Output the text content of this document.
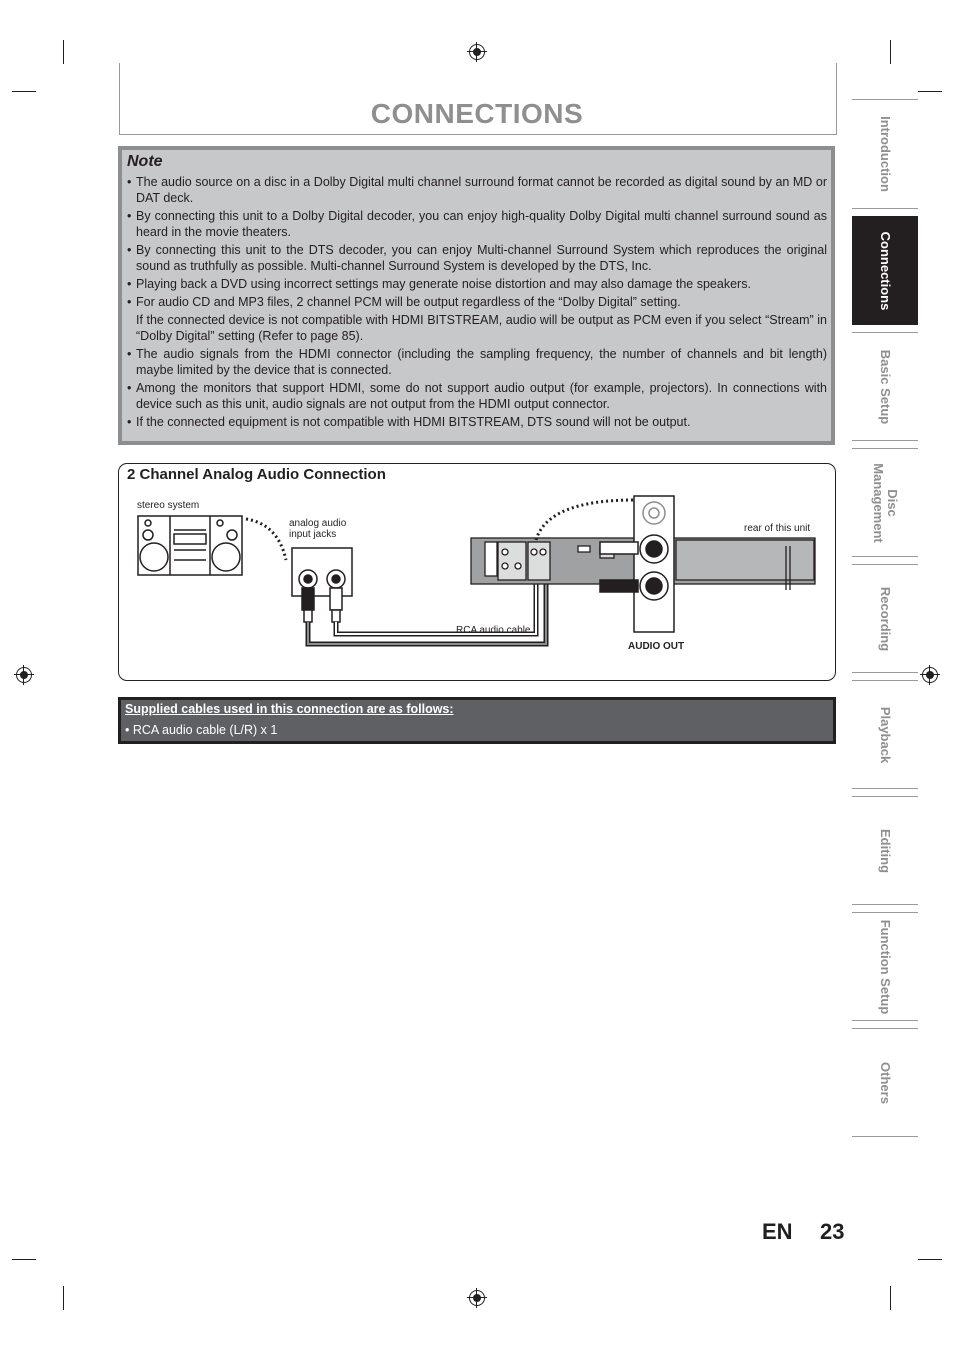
CONNECTIONS
Note
• The audio source on a disc in a Dolby Digital multi channel surround format cannot be recorded as digital sound by an MD or DAT deck.
• By connecting this unit to a Dolby Digital decoder, you can enjoy high-quality Dolby Digital multi channel surround sound as heard in the movie theaters.
• By connecting this unit to the DTS decoder, you can enjoy Multi-channel Surround System which reproduces the original sound as truthfully as possible. Multi-channel Surround System is developed by the DTS, Inc.
• Playing back a DVD using incorrect settings may generate noise distortion and may also damage the speakers.
• For audio CD and MP3 files, 2 channel PCM will be output regardless of the “Dolby Digital” setting.
If the connected device is not compatible with HDMI BITSTREAM, audio will be output as PCM even if you select “Stream” in “Dolby Digital” setting (Refer to page 85).
• The audio signals from the HDMI connector (including the sampling frequency, the number of channels and bit length) maybe limited by the device that is connected.
• Among the monitors that support HDMI, some do not support audio output (for example, projectors). In connections with device such as this unit, audio signals are not output from the HDMI output connector.
• If the connected equipment is not compatible with HDMI BITSTREAM, DTS sound will not be output.
2 Channel Analog Audio Connection
stereo system
analog audio
input jacks
rear of this unit
RCA audio cable
AUDIO OUT
Supplied cables used in this connection are as follows:
• RCA audio cable (L/R) x 1
Introduction
Connections
Basic Setup
Disc
Management
Recording
Playback
Editing
Function Setup
Others
EN 23
